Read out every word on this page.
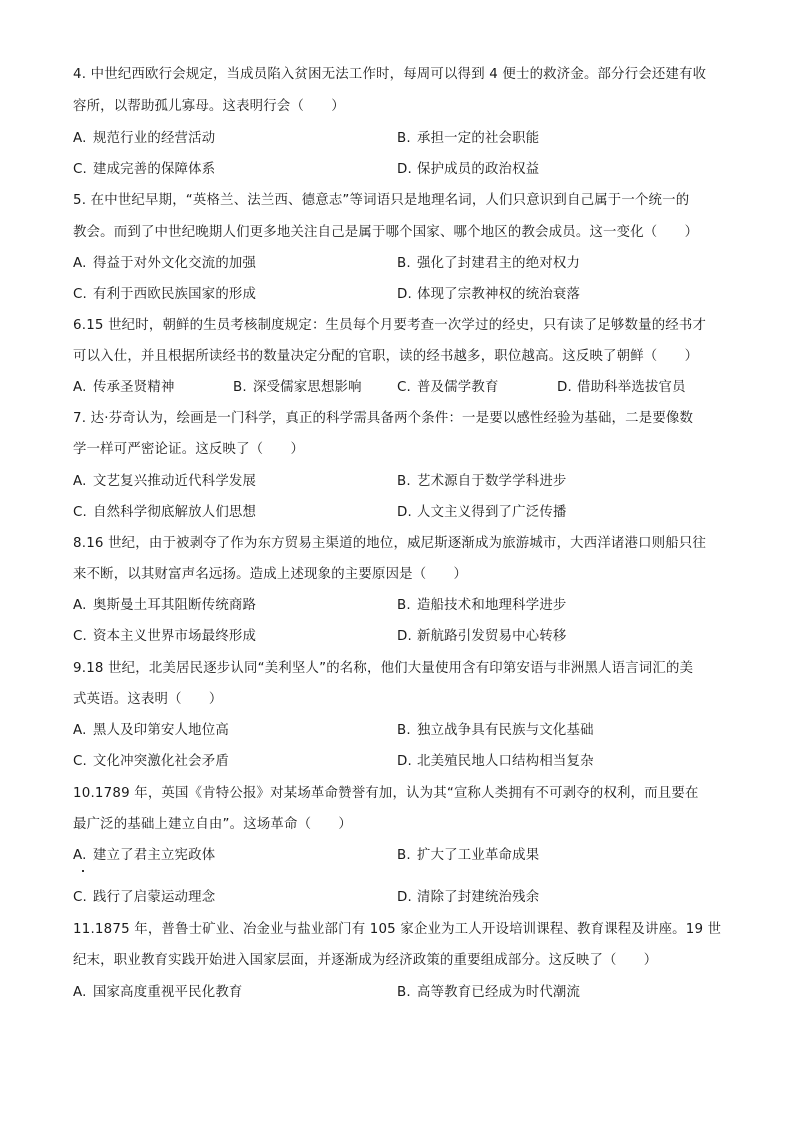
4. 中世纪西欧行会规定，当成员陷入贫困无法工作时，每周可以得到 4 便士的救济金。部分行会还建有收
容所，以帮助孤儿寡母。这表明行会（　　）
A. 规范行业的经营活动	B. 承担一定的社会职能
C. 建成完善的保障体系	D. 保护成员的政治权益
5. 在中世纪早期，“英格兰、法兰西、德意志”等词语只是地理名词，人们只意识到自己属于一个统一的
教会。而到了中世纪晚期人们更多地关注自己是属于哪个国家、哪个地区的教会成员。这一变化（　　）
A. 得益于对外文化交流的加强	B. 强化了封建君主的绝对权力
C. 有利于西欧民族国家的形成	D. 体现了宗教神权的统治衰落
6.15 世纪时，朝鲜的生员考核制度规定：生员每个月要考查一次学过的经史，只有读了足够数量的经书才
可以入仕，并且根据所读经书的数量决定分配的官职，读的经书越多，职位越高。这反映了朝鲜（　　）
A. 传承圣贤精神	B. 深受儒家思想影响	C. 普及儒学教育	D. 借助科举选拔官员
7. 达·芬奇认为，绘画是一门科学，真正的科学需具备两个条件：一是要以感性经验为基础，二是要像数
学一样可严密论证。这反映了（　　）
A. 文艺复兴推动近代科学发展	B. 艺术源自于数学学科进步
C. 自然科学彻底解放人们思想	D. 人文主义得到了广泛传播
8.16 世纪，由于被剥夺了作为东方贸易主渠道的地位，威尼斯逐渐成为旅游城市，大西洋诸港口则船只往
来不断，以其财富声名远扬。造成上述现象的主要原因是（　　）
A. 奥斯曼土耳其阻断传统商路	B. 造船技术和地理科学进步
C. 资本主义世界市场最终形成	D. 新航路引发贸易中心转移
9.18 世纪，北美居民逐步认同“美利坚人”的名称，他们大量使用含有印第安语与非洲黑人语言词汇的美
式英语。这表明（　　）
A. 黑人及印第安人地位高	B. 独立战争具有民族与文化基础
C. 文化冲突激化社会矛盾	D. 北美殖民地人口结构相当复杂
10.1789 年，英国《肯特公报》对某场革命赞誉有加，认为其“宣称人类拥有不可剥夺的权利，而且要在
最广泛的基础上建立自由”。这场革命（　　）
A. 建立了君主立宪政体	B. 扩大了工业革命成果
C. 践行了启蒙运动理念	D. 清除了封建统治残余
11.1875 年，普鲁士矿业、冶金业与盐业部门有 105 家企业为工人开设培训课程、教育课程及讲座。19 世
纪末，职业教育实践开始进入国家层面，并逐渐成为经济政策的重要组成部分。这反映了（　　）
A. 国家高度重视平民化教育	B. 高等教育已经成为时代潮流
